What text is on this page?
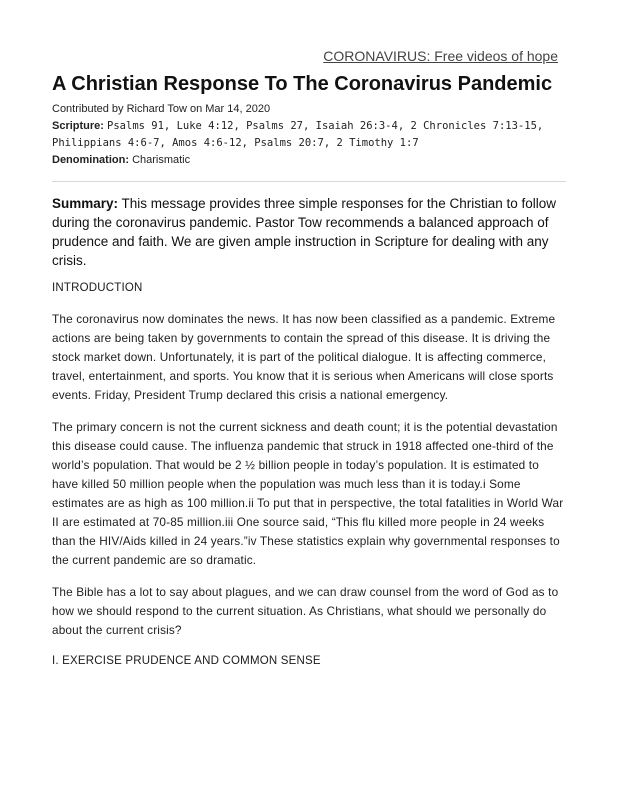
CORONAVIRUS: Free videos of hope
A Christian Response To The Coronavirus Pandemic
Contributed by Richard Tow on Mar 14, 2020
Scripture: Psalms 91, Luke 4:12, Psalms 27, Isaiah 26:3-4, 2 Chronicles 7:13-15, Philippians 4:6-7, Amos 4:6-12, Psalms 20:7, 2 Timothy 1:7
Denomination: Charismatic
Summary: This message provides three simple responses for the Christian to follow during the coronavirus pandemic. Pastor Tow recommends a balanced approach of prudence and faith. We are given ample instruction in Scripture for dealing with any crisis.
INTRODUCTION

The coronavirus now dominates the news. It has now been classified as a pandemic. Extreme actions are being taken by governments to contain the spread of this disease. It is driving the stock market down. Unfortunately, it is part of the political dialogue. It is affecting commerce, travel, entertainment, and sports. You know that it is serious when Americans will close sports events. Friday, President Trump declared this crisis a national emergency.

The primary concern is not the current sickness and death count; it is the potential devastation this disease could cause. The influenza pandemic that struck in 1918 affected one-third of the world’s population. That would be 2 ½ billion people in today’s population. It is estimated to have killed 50 million people when the population was much less than it is today.i Some estimates are as high as 100 million.ii To put that in perspective, the total fatalities in World War II are estimated at 70-85 million.iii One source said, “This flu killed more people in 24 weeks than the HIV/Aids killed in 24 years.”iv These statistics explain why governmental responses to the current pandemic are so dramatic.

The Bible has a lot to say about plagues, and we can draw counsel from the word of God as to how we should respond to the current situation. As Christians, what should we personally do about the current crisis?

I. EXERCISE PRUDENCE AND COMMON SENSE
